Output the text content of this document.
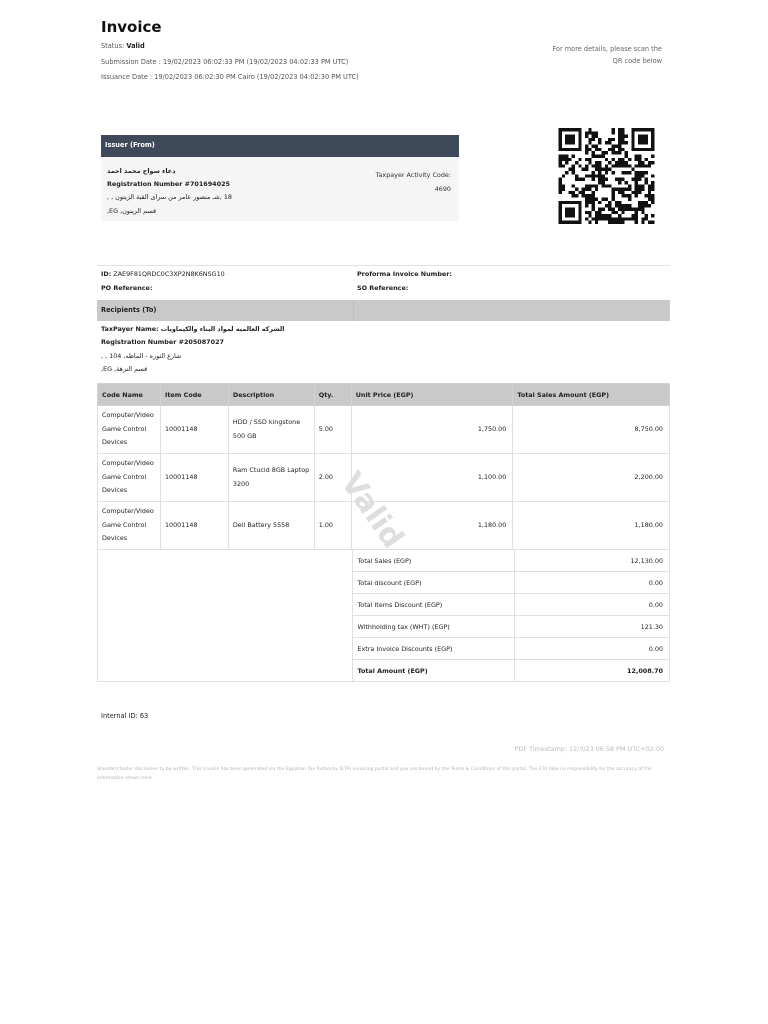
Invoice
Status: Valid
Submission Date : 19/02/2023 06:02:33 PM (19/02/2023 04:02:33 PM UTC)
Issuance Date : 19/02/2023 06:02:30 PM Cairo (19/02/2023 04:02:30 PM UTC)
For more details, please scan the QR code below
Issuer (From)
دعاء سواح محمد احمد
Registration Number #701694025
18 ,شـ منصور عامر من سراى القبة الزيتون , ,
قسم الزيتون, EG,
Taxpayer Activity Code:
4690
ID: ZAE9F81QRDC0C3XP2N8K6NSG10	Proforma Invoice Number:
PO Reference:	SO Reference:
Recipients (To)
TaxPayer Name: الشركه العالميه لمواد البناء والكيماويات
Registration Number #205087027
شارع الثوره - الماظه, 104 , ,
قسم النزهة, EG,
Code Name	Item Code	Description	Qty.	Unit Price (EGP)	Total Sales Amount (EGP)
Computer/Video Game Control Devices	10001148	HDD / SSD kingstone 500 GB	5.00	1,750.00	8,750.00
Computer/Video Game Control Devices	10001148	Ram Ctucid 8GB Laptop 3200	2.00	1,100.00	2,200.00
Computer/Video Game Control Devices	10001148	Dell Battery 5558	1.00	1,180.00	1,180.00
	Total Sales (EGP)	12,130.00
	Total discount (EGP)	0.00
	Total Items Discount (EGP)	0.00
	Withholding tax (WHT) (EGP)	121.30
	Extra Invoice Discounts (EGP)	0.00
	Total Amount (EGP)	12,008.70
Valid
Internal ID: 63
PDF Timestamp: 12/3/23 06:58 PM UTC+02:00
Standard footer disclaimer to be written. This invoice has been generated via the Egyptian Tax Authority (ETA) invoicing portal and you are bound by the Terms & Conditions of this portal. The ETA take no responsibility for the accuracy of the information shown here.
